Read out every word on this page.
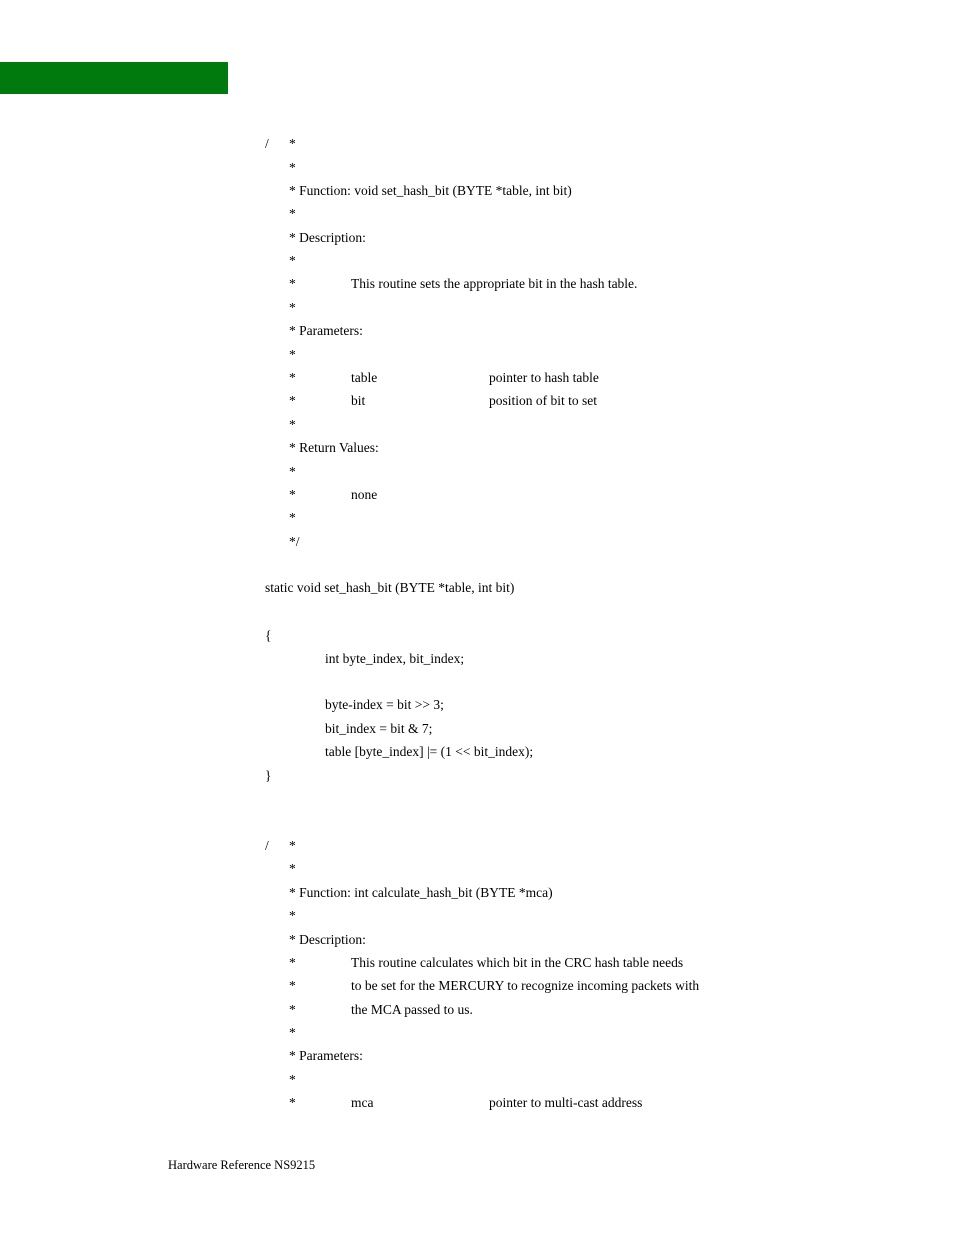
/ *
*
* Function: void set_hash_bit (BYTE *table, int bit)
*
* Description:
*
*	This routine sets the appropriate bit in the hash table.
*
* Parameters:
*
*	table	pointer to hash table
*	bit	position of bit to set
*
* Return Values:
*
*	none
*
*/
static void set_hash_bit (BYTE *table, int bit)
{
int byte_index, bit_index;
byte-index = bit >> 3;
bit_index = bit & 7;
table [byte_index] |= (1 << bit_index);
}
/ *
*
* Function: int calculate_hash_bit (BYTE *mca)
*
* Description:
*	This routine calculates which bit in the CRC hash table needs
*	to be set for the MERCURY to recognize incoming packets with
*	the MCA passed to us.
*
* Parameters:
*
*	mca	pointer to multi-cast address
Hardware Reference NS9215
